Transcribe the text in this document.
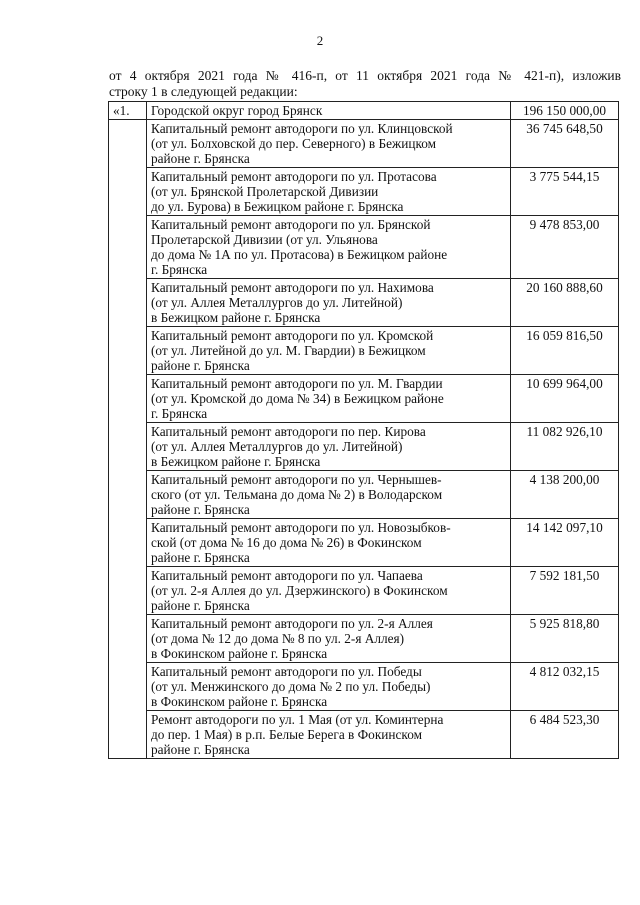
2
от 4 октября 2021 года № 416-п, от 11 октября 2021 года № 421-п), изложив
строку 1 в следующей редакции:
«1.	Городской округ город Брянск	196 150 000,00

	Капитальный ремонт автодороги по ул. Клинцовской
(от ул. Болховской до пер. Северного) в Бежицком
районе г. Брянска	36 745 648,50

	Капитальный ремонт автодороги по ул. Протасова
(от ул. Брянской Пролетарской Дивизии
до ул. Бурова) в Бежицком районе г. Брянска	3 775 544,15

	Капитальный ремонт автодороги по ул. Брянской
Пролетарской Дивизии (от ул. Ульянова
до дома № 1А по ул. Протасова) в Бежицком районе
г. Брянска	9 478 853,00

	Капитальный ремонт автодороги по ул. Нахимова
(от ул. Аллея Металлургов до ул. Литейной)
в Бежицком районе г. Брянска	20 160 888,60

	Капитальный ремонт автодороги по ул. Кромской
(от ул. Литейной до ул. М. Гвардии) в Бежицком
районе г. Брянска	16 059 816,50

	Капитальный ремонт автодороги по ул. М. Гвардии
(от ул. Кромской до дома № 34) в Бежицком районе
г. Брянска	10 699 964,00

	Капитальный ремонт автодороги по пер. Кирова
(от ул. Аллея Металлургов до ул. Литейной)
в Бежицком районе г. Брянска	11 082 926,10

	Капитальный ремонт автодороги по ул. Чернышев-
ского (от ул. Тельмана до дома № 2) в Володарском
районе г. Брянска	4 138 200,00

	Капитальный ремонт автодороги по ул. Новозыбков-
ской (от дома № 16 до дома № 26) в Фокинском
районе г. Брянска	14 142 097,10

	Капитальный ремонт автодороги по ул. Чапаева
(от ул. 2-я Аллея до ул. Дзержинского) в Фокинском
районе г. Брянска	7 592 181,50

	Капитальный ремонт автодороги по ул. 2-я Аллея
(от дома № 12 до дома № 8 по ул. 2-я Аллея)
в Фокинском районе г. Брянска	5 925 818,80

	Капитальный ремонт автодороги по ул. Победы
(от ул. Менжинского до дома № 2 по ул. Победы)
в Фокинском районе г. Брянска	4 812 032,15

	Ремонт автодороги по ул. 1 Мая (от ул. Коминтерна
до пер. 1 Мая) в р.п. Белые Берега в Фокинском
районе г. Брянска	6 484 523,30
